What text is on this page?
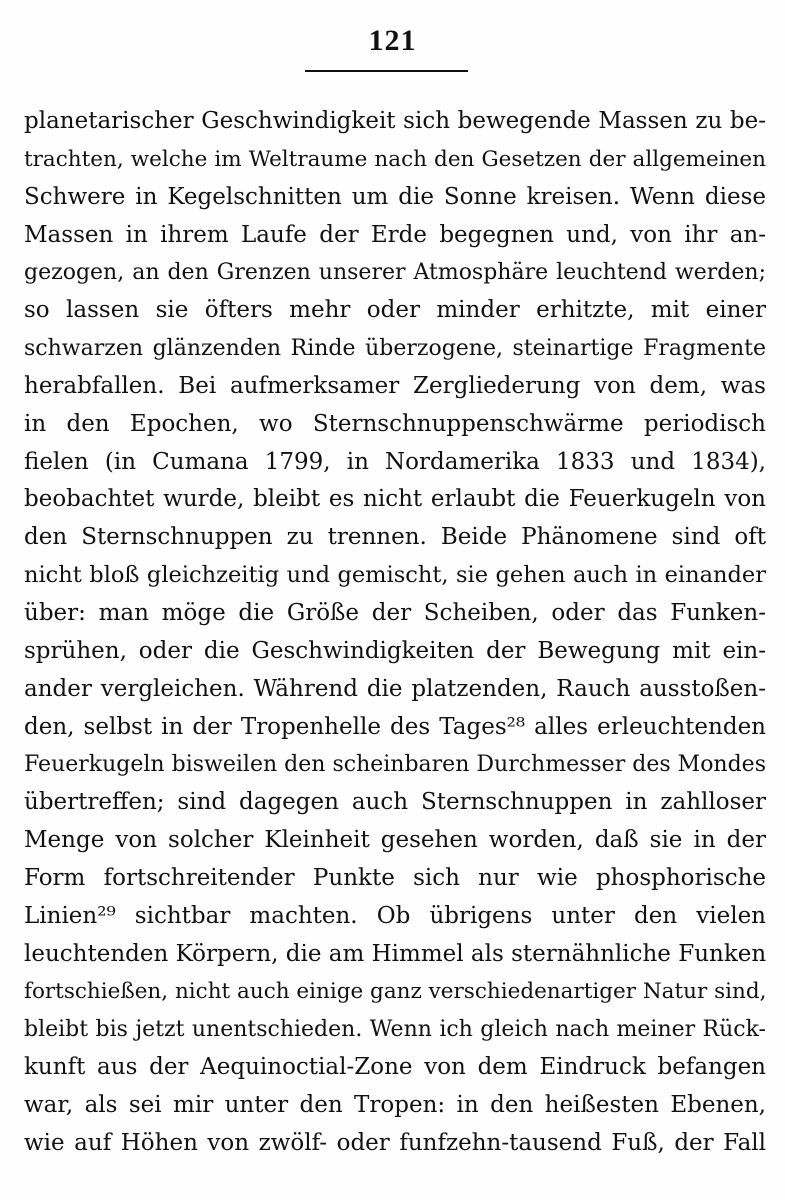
121
planetarischer Geschwindigkeit sich bewegende Massen zu be-
trachten, welche im Weltraume nach den Gesetzen der allgemeinen
Schwere in Kegelschnitten um die Sonne kreisen. Wenn diese
Massen in ihrem Laufe der Erde begegnen und, von ihr an-
gezogen, an den Grenzen unserer Atmosphäre leuchtend werden;
so lassen sie öfters mehr oder minder erhitzte, mit einer
schwarzen glänzenden Rinde überzogene, steinartige Fragmente
herabfallen. Bei aufmerksamer Zergliederung von dem, was
in den Epochen, wo Sternschnuppenschwärme periodisch
fielen (in Cumana 1799, in Nordamerika 1833 und 1834),
beobachtet wurde, bleibt es nicht erlaubt die Feuerkugeln von
den Sternschnuppen zu trennen. Beide Phänomene sind oft
nicht bloß gleichzeitig und gemischt, sie gehen auch in einander
über: man möge die Größe der Scheiben, oder das Funken-
sprühen, oder die Geschwindigkeiten der Bewegung mit ein-
ander vergleichen. Während die platzenden, Rauch ausstoßen-
den, selbst in der Tropenhelle des Tages²⁸ alles erleuchtenden
Feuerkugeln bisweilen den scheinbaren Durchmesser des Mondes
übertreffen; sind dagegen auch Sternschnuppen in zahlloser
Menge von solcher Kleinheit gesehen worden, daß sie in der
Form fortschreitender Punkte sich nur wie phosphorische
Linien²⁹ sichtbar machten. Ob übrigens unter den vielen
leuchtenden Körpern, die am Himmel als sternähnliche Funken
fortschießen, nicht auch einige ganz verschiedenartiger Natur sind,
bleibt bis jetzt unentschieden. Wenn ich gleich nach meiner Rück-
kunft aus der Aequinoctial-Zone von dem Eindruck befangen
war, als sei mir unter den Tropen: in den heißesten Ebenen,
wie auf Höhen von zwölf- oder funfzehn-tausend Fuß, der Fall
